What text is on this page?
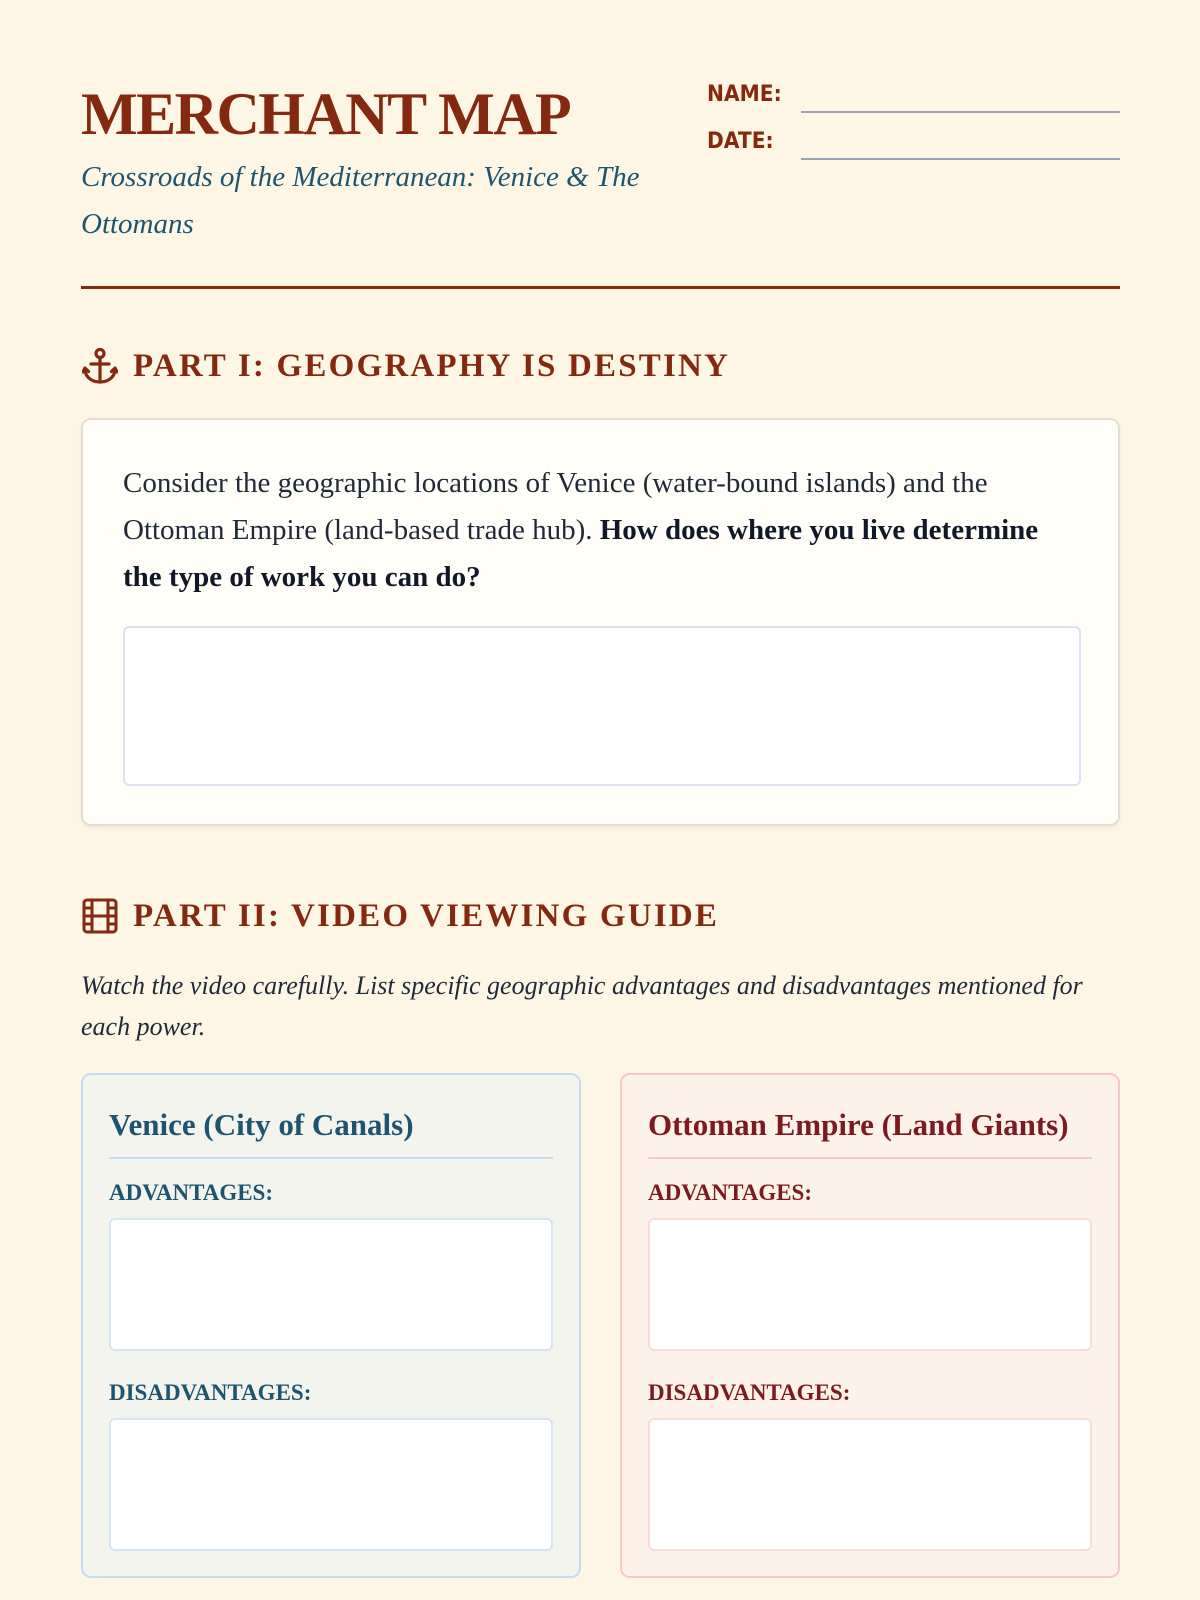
MERCHANT MAP
Crossroads of the Mediterranean: Venice & The Ottomans
NAME:
DATE:
PART I: GEOGRAPHY IS DESTINY

Consider the geographic locations of Venice (water-bound islands) and the Ottoman Empire (land-based trade hub). How does where you live determine the type of work you can do?

PART II: VIDEO VIEWING GUIDE

Watch the video carefully. List specific geographic advantages and disadvantages mentioned for each power.

Venice (City of Canals)
ADVANTAGES:
DISADVANTAGES:
Ottoman Empire (Land Giants)
ADVANTAGES:
DISADVANTAGES:
